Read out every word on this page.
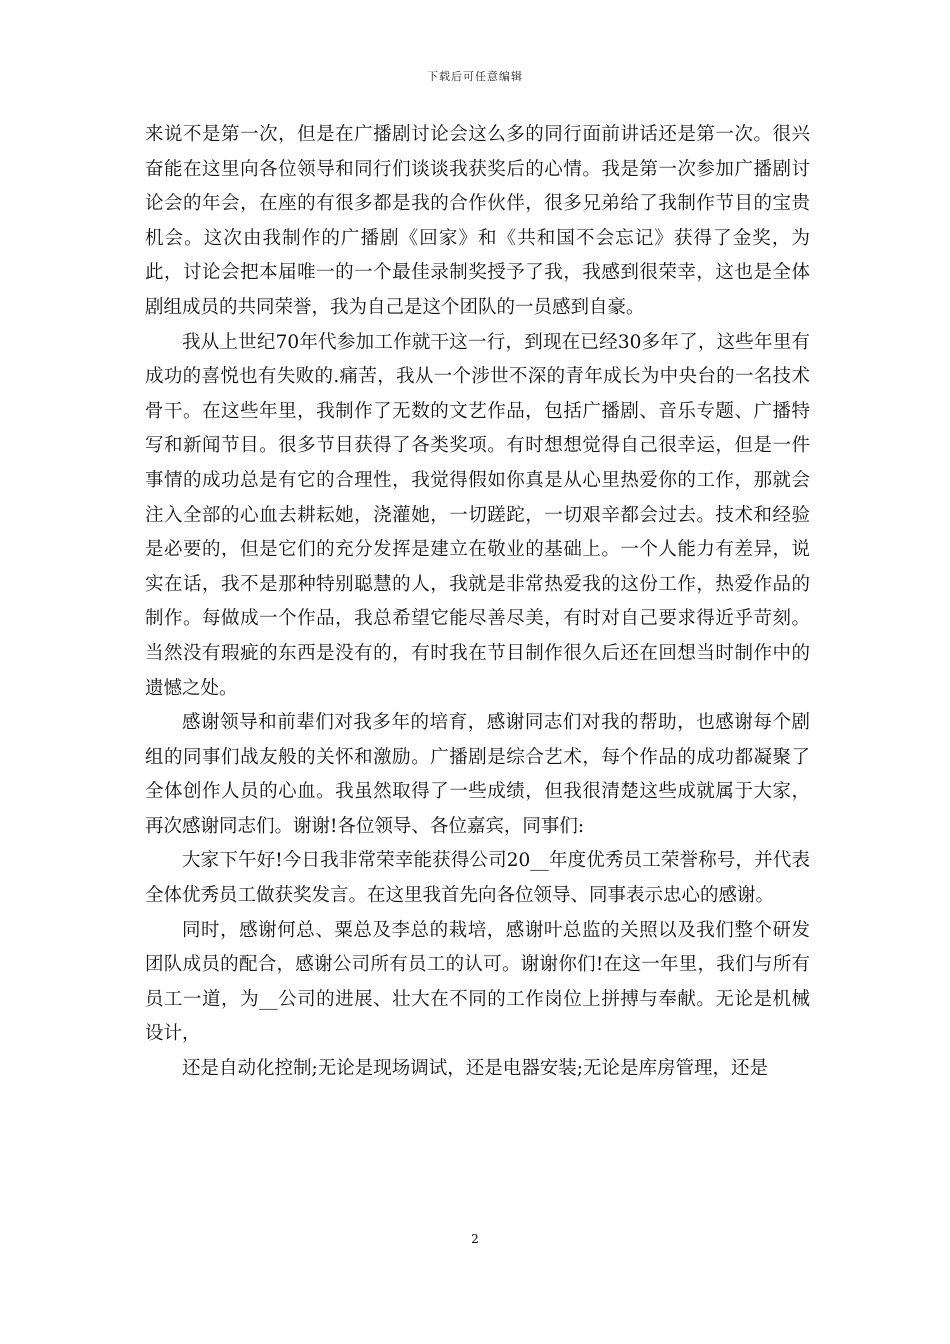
下载后可任意编辑

来说不是第一次，但是在广播剧讨论会这么多的同行面前讲话还是第一次。很兴奋能在这里向各位领导和同行们谈谈我获奖后的心情。我是第一次参加广播剧讨论会的年会，在座的有很多都是我的合作伙伴，很多兄弟给了我制作节目的宝贵机会。这次由我制作的广播剧《回家》和《共和国不会忘记》获得了金奖，为此，讨论会把本届唯一的一个最佳录制奖授予了我，我感到很荣幸，这也是全体剧组成员的共同荣誉，我为自己是这个团队的一员感到自豪。

我从上世纪70年代参加工作就干这一行，到现在已经30多年了，这些年里有成功的喜悦也有失败的.痛苦，我从一个涉世不深的青年成长为中央台的一名技术骨干。在这些年里，我制作了无数的文艺作品，包括广播剧、音乐专题、广播特写和新闻节目。很多节目获得了各类奖项。有时想想觉得自己很幸运，但是一件事情的成功总是有它的合理性，我觉得假如你真是从心里热爱你的工作，那就会注入全部的心血去耕耘她，浇灌她，一切蹉跎，一切艰辛都会过去。技术和经验是必要的，但是它们的充分发挥是建立在敬业的基础上。一个人能力有差异，说实在话，我不是那种特别聪慧的人，我就是非常热爱我的这份工作，热爱作品的制作。每做成一个作品，我总希望它能尽善尽美，有时对自己要求得近乎苛刻。当然没有瑕疵的东西是没有的，有时我在节目制作很久后还在回想当时制作中的遗憾之处。

感谢领导和前辈们对我多年的培育，感谢同志们对我的帮助，也感谢每个剧组的同事们战友般的关怀和激励。广播剧是综合艺术，每个作品的成功都凝聚了全体创作人员的心血。我虽然取得了一些成绩，但我很清楚这些成就属于大家，再次感谢同志们。谢谢!各位领导、各位嘉宾，同事们:

大家下午好!今日我非常荣幸能获得公司20__年度优秀员工荣誉称号，并代表全体优秀员工做获奖发言。在这里我首先向各位领导、同事表示忠心的感谢。

同时，感谢何总、粟总及李总的栽培，感谢叶总监的关照以及我们整个研发团队成员的配合，感谢公司所有员工的认可。谢谢你们!在这一年里，我们与所有员工一道，为__公司的进展、壮大在不同的工作岗位上拼搏与奉献。无论是机械设计，

还是自动化控制;无论是现场调试，还是电器安装;无论是库房管理，还是

2
